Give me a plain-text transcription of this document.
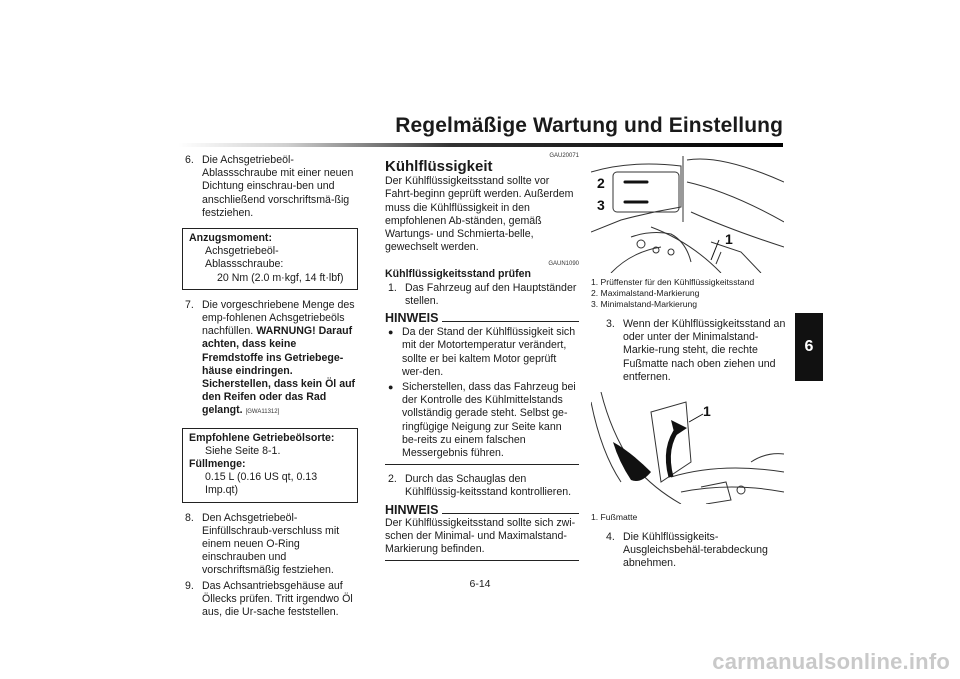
Regelmäßige Wartung und Einstellung
6
6. Die Achsgetriebeöl-Ablassschraube mit einer neuen Dichtung einschrau-ben und anschließend vorschriftsmä-ßig festziehen.
Anzugsmoment:
Achsgetriebeöl-Ablassschraube:
20 Nm (2.0 m·kgf, 14 ft·lbf)
7. Die vorgeschriebene Menge des emp-fohlenen Achsgetriebeöls nachfüllen. WARNUNG! Darauf achten, dass keine Fremdstoffe ins Getriebege-häuse eindringen. Sicherstellen, dass kein Öl auf den Reifen oder das Rad gelangt. [GWA11312]
Empfohlene Getriebeölsorte:
Siehe Seite 8-1.
Füllmenge:
0.15 L (0.16 US qt, 0.13 Imp.qt)
8. Den Achsgetriebeöl-Einfüllschraub-verschluss mit einem neuen O-Ring einschrauben und vorschriftsmäßig festziehen.
9. Das Achsantriebsgehäuse auf Öllecks prüfen. Tritt irgendwo Öl aus, die Ur-sache feststellen.
GAU20071
Kühlflüssigkeit
Der Kühlflüssigkeitsstand sollte vor Fahrt-beginn geprüft werden. Außerdem muss die Kühlflüssigkeit in den empfohlenen Ab-ständen, gemäß Wartungs- und Schmierta-belle, gewechselt werden.
GAUN1090
Kühlflüssigkeitsstand prüfen
1. Das Fahrzeug auf den Hauptständer stellen.
HINWEIS
● Da der Stand der Kühlflüssigkeit sich mit der Motortemperatur verändert, sollte er bei kaltem Motor geprüft wer-den.
● Sicherstellen, dass das Fahrzeug bei der Kontrolle des Kühlmittelstands vollständig gerade steht. Selbst ge-ringfügige Neigung zur Seite kann be-reits zu einem falschen Messergebnis führen.
2. Durch das Schauglas den Kühlflüssig-keitsstand kontrollieren.
HINWEIS
Der Kühlflüssigkeitsstand sollte sich zwi-schen der Minimal- und Maximalstand-Markierung befinden.
2
3
1
1. Prüffenster für den Kühlflüssigkeitsstand
2. Maximalstand-Markierung
3. Minimalstand-Markierung
3. Wenn der Kühlflüssigkeitsstand an oder unter der Minimalstand-Markie-rung steht, die rechte Fußmatte nach oben ziehen und entfernen.
1
1. Fußmatte
4. Die Kühlflüssigkeits-Ausgleichsbehäl-terabdeckung abnehmen.
6-14
carmanualsonline.info
